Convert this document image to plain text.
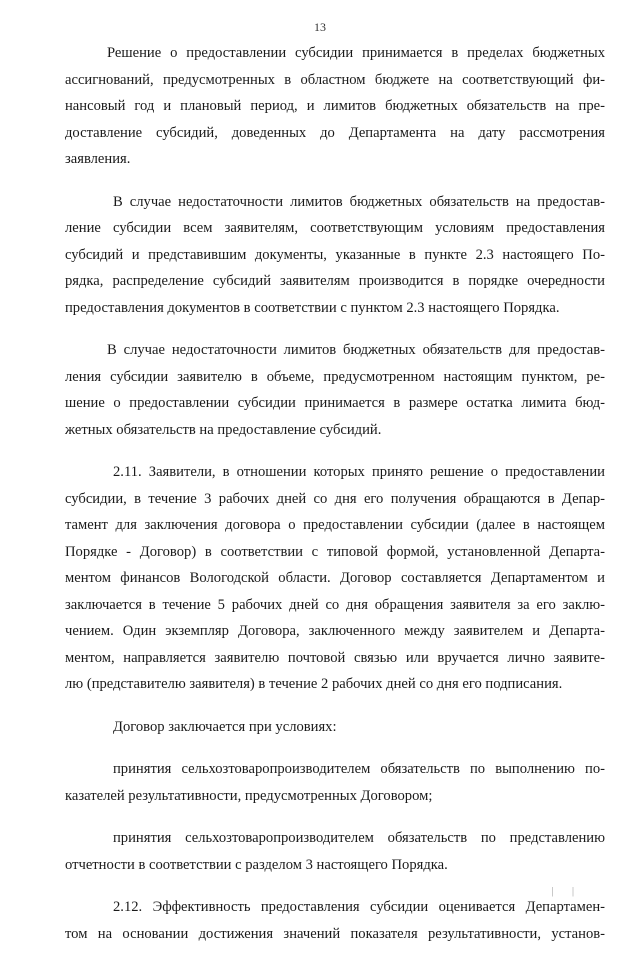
13

Решение о предоставлении субсидии принимается в пределах бюджетных
ассигнований, предусмотренных в областном бюджете на соответствующий фи-
нансовый год и плановый период, и лимитов бюджетных обязательств на пре-
доставление субсидий, доведенных до Департамента на дату рассмотрения
заявления.

В случае недостаточности лимитов бюджетных обязательств на предостав-
ление субсидии всем заявителям, соответствующим условиям предоставления
субсидий и представившим документы, указанные в пункте 2.3 настоящего По-
рядка, распределение субсидий заявителям производится в порядке очередности
предоставления документов в соответствии с пунктом 2.3 настоящего Порядка.

В случае недостаточности лимитов бюджетных обязательств для предостав-
ления субсидии заявителю в объеме, предусмотренном настоящим пунктом, ре-
шение о предоставлении субсидии принимается в размере остатка лимита бюд-
жетных обязательств на предоставление субсидий.

2.11. Заявители, в отношении которых принято решение о предоставлении
субсидии, в течение 3 рабочих дней со дня его получения обращаются в Депар-
тамент для заключения договора о предоставлении субсидии (далее в настоящем
Порядке - Договор) в соответствии с типовой формой, установленной Департа-
ментом финансов Вологодской области. Договор составляется Департаментом и
заключается в течение 5 рабочих дней со дня обращения заявителя за его заклю-
чением. Один экземпляр Договора, заключенного между заявителем и Департа-
ментом, направляется заявителю почтовой связью или вручается лично заявите-
лю (представителю заявителя) в течение 2 рабочих дней со дня его подписания.

Договор заключается при условиях:

принятия сельхозтоваропроизводителем обязательств по выполнению по-
казателей результативности, предусмотренных Договором;

принятия сельхозтоваропроизводителем обязательств по представлению
отчетности в соответствии с разделом 3 настоящего Порядка.

2.12. Эффективность предоставления субсидии оценивается Департамен-
том на основании достижения значений показателя результативности, установ-

| |
